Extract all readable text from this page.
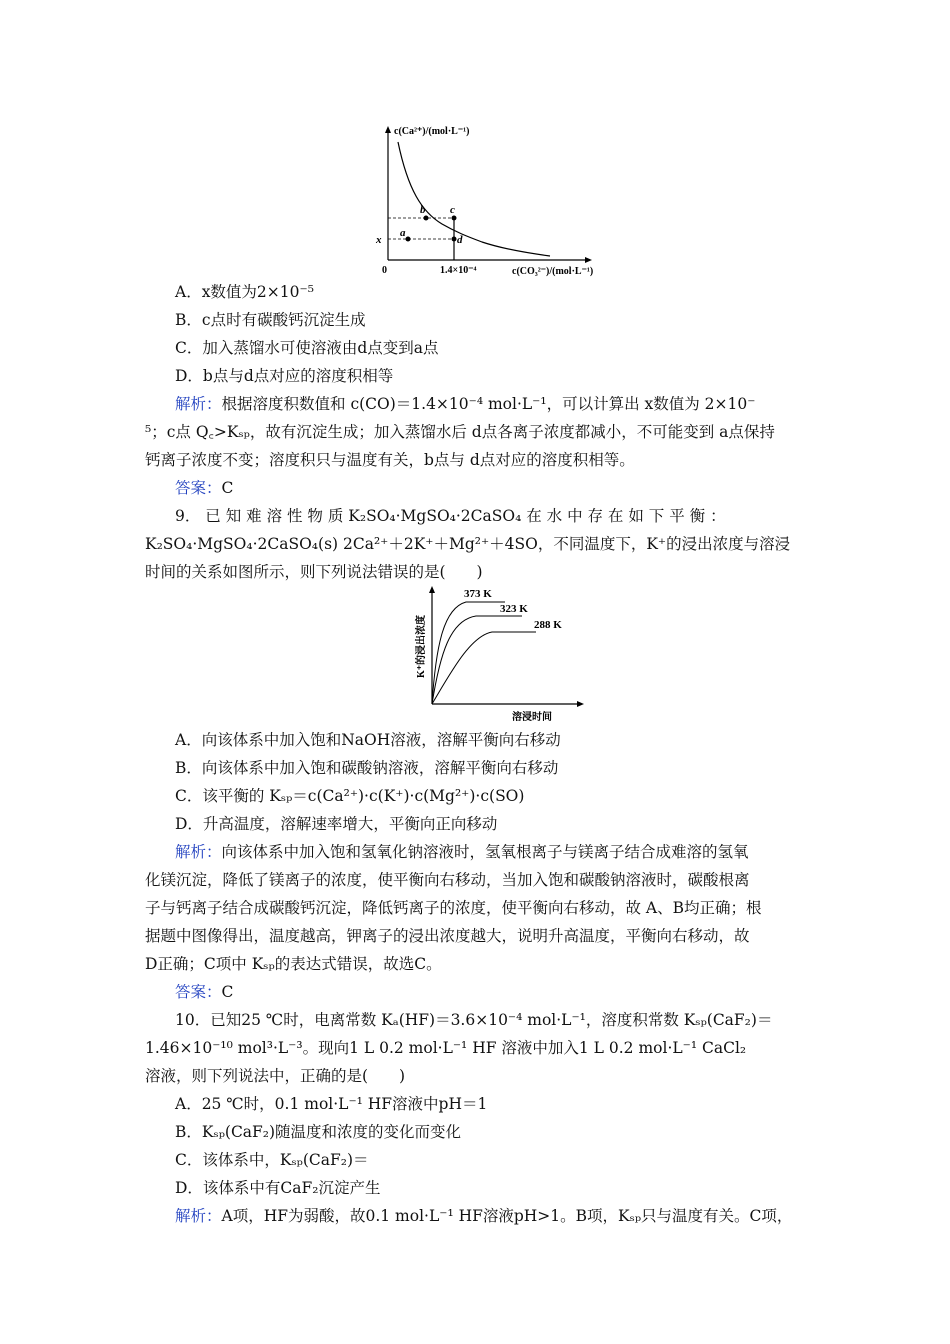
b c
a
d
c(Ca²⁺)/(mol·L⁻¹)
c(CO₃²⁻)/(mol·L⁻¹)
0	1.4×10⁻⁴
x
A．x数值为2×10⁻⁵
B．c点时有碳酸钙沉淀生成
C．加入蒸馏水可使溶液由d点变到a点
D．b点与d点对应的溶度积相等
解析：根据溶度积数值和 c(CO)＝1.4×10⁻⁴ mol·L⁻¹，可以计算出 x数值为 2×10⁻
⁵；c点 Q꜀>Kₛₚ，故有沉淀生成；加入蒸馏水后 d点各离子浓度都减小，不可能变到 a点保持
钙离子浓度不变；溶度积只与温度有关，b点与 d点对应的溶度积相等。
答案：C
9． 已 知 难 溶 性 物 质 K₂SO₄·MgSO₄·2CaSO₄ 在 水 中 存 在 如 下 平 衡 ：
K₂SO₄·MgSO₄·2CaSO₄(s) 2Ca²⁺＋2K⁺＋Mg²⁺＋4SO，不同温度下，K⁺的浸出浓度与溶浸
时间的关系如图所示，则下列说法错误的是(　　)
373 K
323 K
288 K
K⁺的浸出浓度
溶浸时间
A．向该体系中加入饱和NaOH溶液，溶解平衡向右移动
B．向该体系中加入饱和碳酸钠溶液，溶解平衡向右移动
C．该平衡的 Kₛₚ＝c(Ca²⁺)·c(K⁺)·c(Mg²⁺)·c(SO)
D．升高温度，溶解速率增大，平衡向正向移动
解析：向该体系中加入饱和氢氧化钠溶液时，氢氧根离子与镁离子结合成难溶的氢氧
化镁沉淀，降低了镁离子的浓度，使平衡向右移动，当加入饱和碳酸钠溶液时，碳酸根离
子与钙离子结合成碳酸钙沉淀，降低钙离子的浓度，使平衡向右移动，故 A、B均正确；根
据题中图像得出，温度越高，钾离子的浸出浓度越大，说明升高温度，平衡向右移动，故
D正确；C项中 Kₛₚ的表达式错误，故选C。
答案：C
10．已知25 ℃时，电离常数 Kₐ(HF)＝3.6×10⁻⁴ mol·L⁻¹，溶度积常数 Kₛₚ(CaF₂)＝
1.46×10⁻¹⁰ mol³·L⁻³。现向1 L 0.2 mol·L⁻¹ HF 溶液中加入1 L 0.2 mol·L⁻¹ CaCl₂
溶液，则下列说法中，正确的是(　　)
A．25 ℃时，0.1 mol·L⁻¹ HF溶液中pH＝1
B．Kₛₚ(CaF₂)随温度和浓度的变化而变化
C．该体系中，Kₛₚ(CaF₂)＝
D．该体系中有CaF₂沉淀产生
解析：A项，HF为弱酸，故0.1 mol·L⁻¹ HF溶液pH>1。B项，Kₛₚ只与温度有关。C项，
